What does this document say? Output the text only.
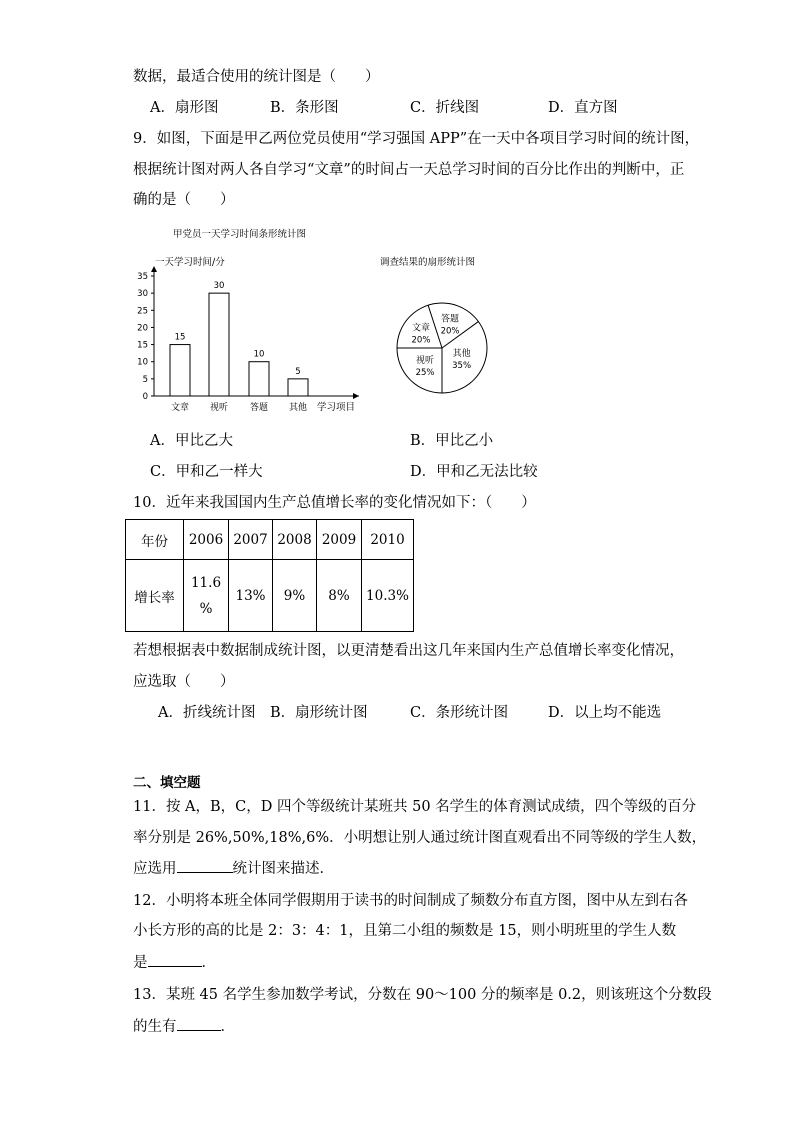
数据，最适合使用的统计图是（　　）
A．扇形图	B．条形图	C．折线图	D．直方图
9．如图，下面是甲乙两位党员使用“学习强国 APP”在一天中各项目学习时间的统计图，
根据统计图对两人各自学习“文章”的时间占一天总学习时间的百分比作出的判断中，正
确的是（　　）
甲党员一天学习时间条形统计图
一天学习时间/分
学习项目
0
5
10
15
20
25
30
35
15
文章
30
视听
10
答题
5
其他
调查结果的扇形统计图
文章
20%
答题
20%
其他
35%
视听
25%
A．甲比乙大	B．甲比乙小
C．甲和乙一样大	D．甲和乙无法比较
10．近年来我国国内生产总值增长率的变化情况如下：（　　）
年份	2006	2007	2008	2009	2010
增长率	11.6
%	13%	9%	8%	10.3%
若想根据表中数据制成统计图，以更清楚看出这几年来国内生产总值增长率变化情况，
应选取（　　）
A．折线统计图 B．扇形统计图	C．条形统计图	D．以上均不能选
二、填空题
11．按 A，B，C，D 四个等级统计某班共 50 名学生的体育测试成绩，四个等级的百分
率分别是 26%,50%,18%,6%．小明想让别人通过统计图直观看出不同等级的学生人数，
应选用	统计图来描述．
12．小明将本班全体同学假期用于读书的时间制成了频数分布直方图，图中从左到右各
小长方形的高的比是 2：3：4：1，且第二小组的频数是 15，则小明班里的学生人数
是	．
13．某班 45 名学生参加数学考试，分数在 90～100 分的频率是 0.2，则该班这个分数段
的生有	．
